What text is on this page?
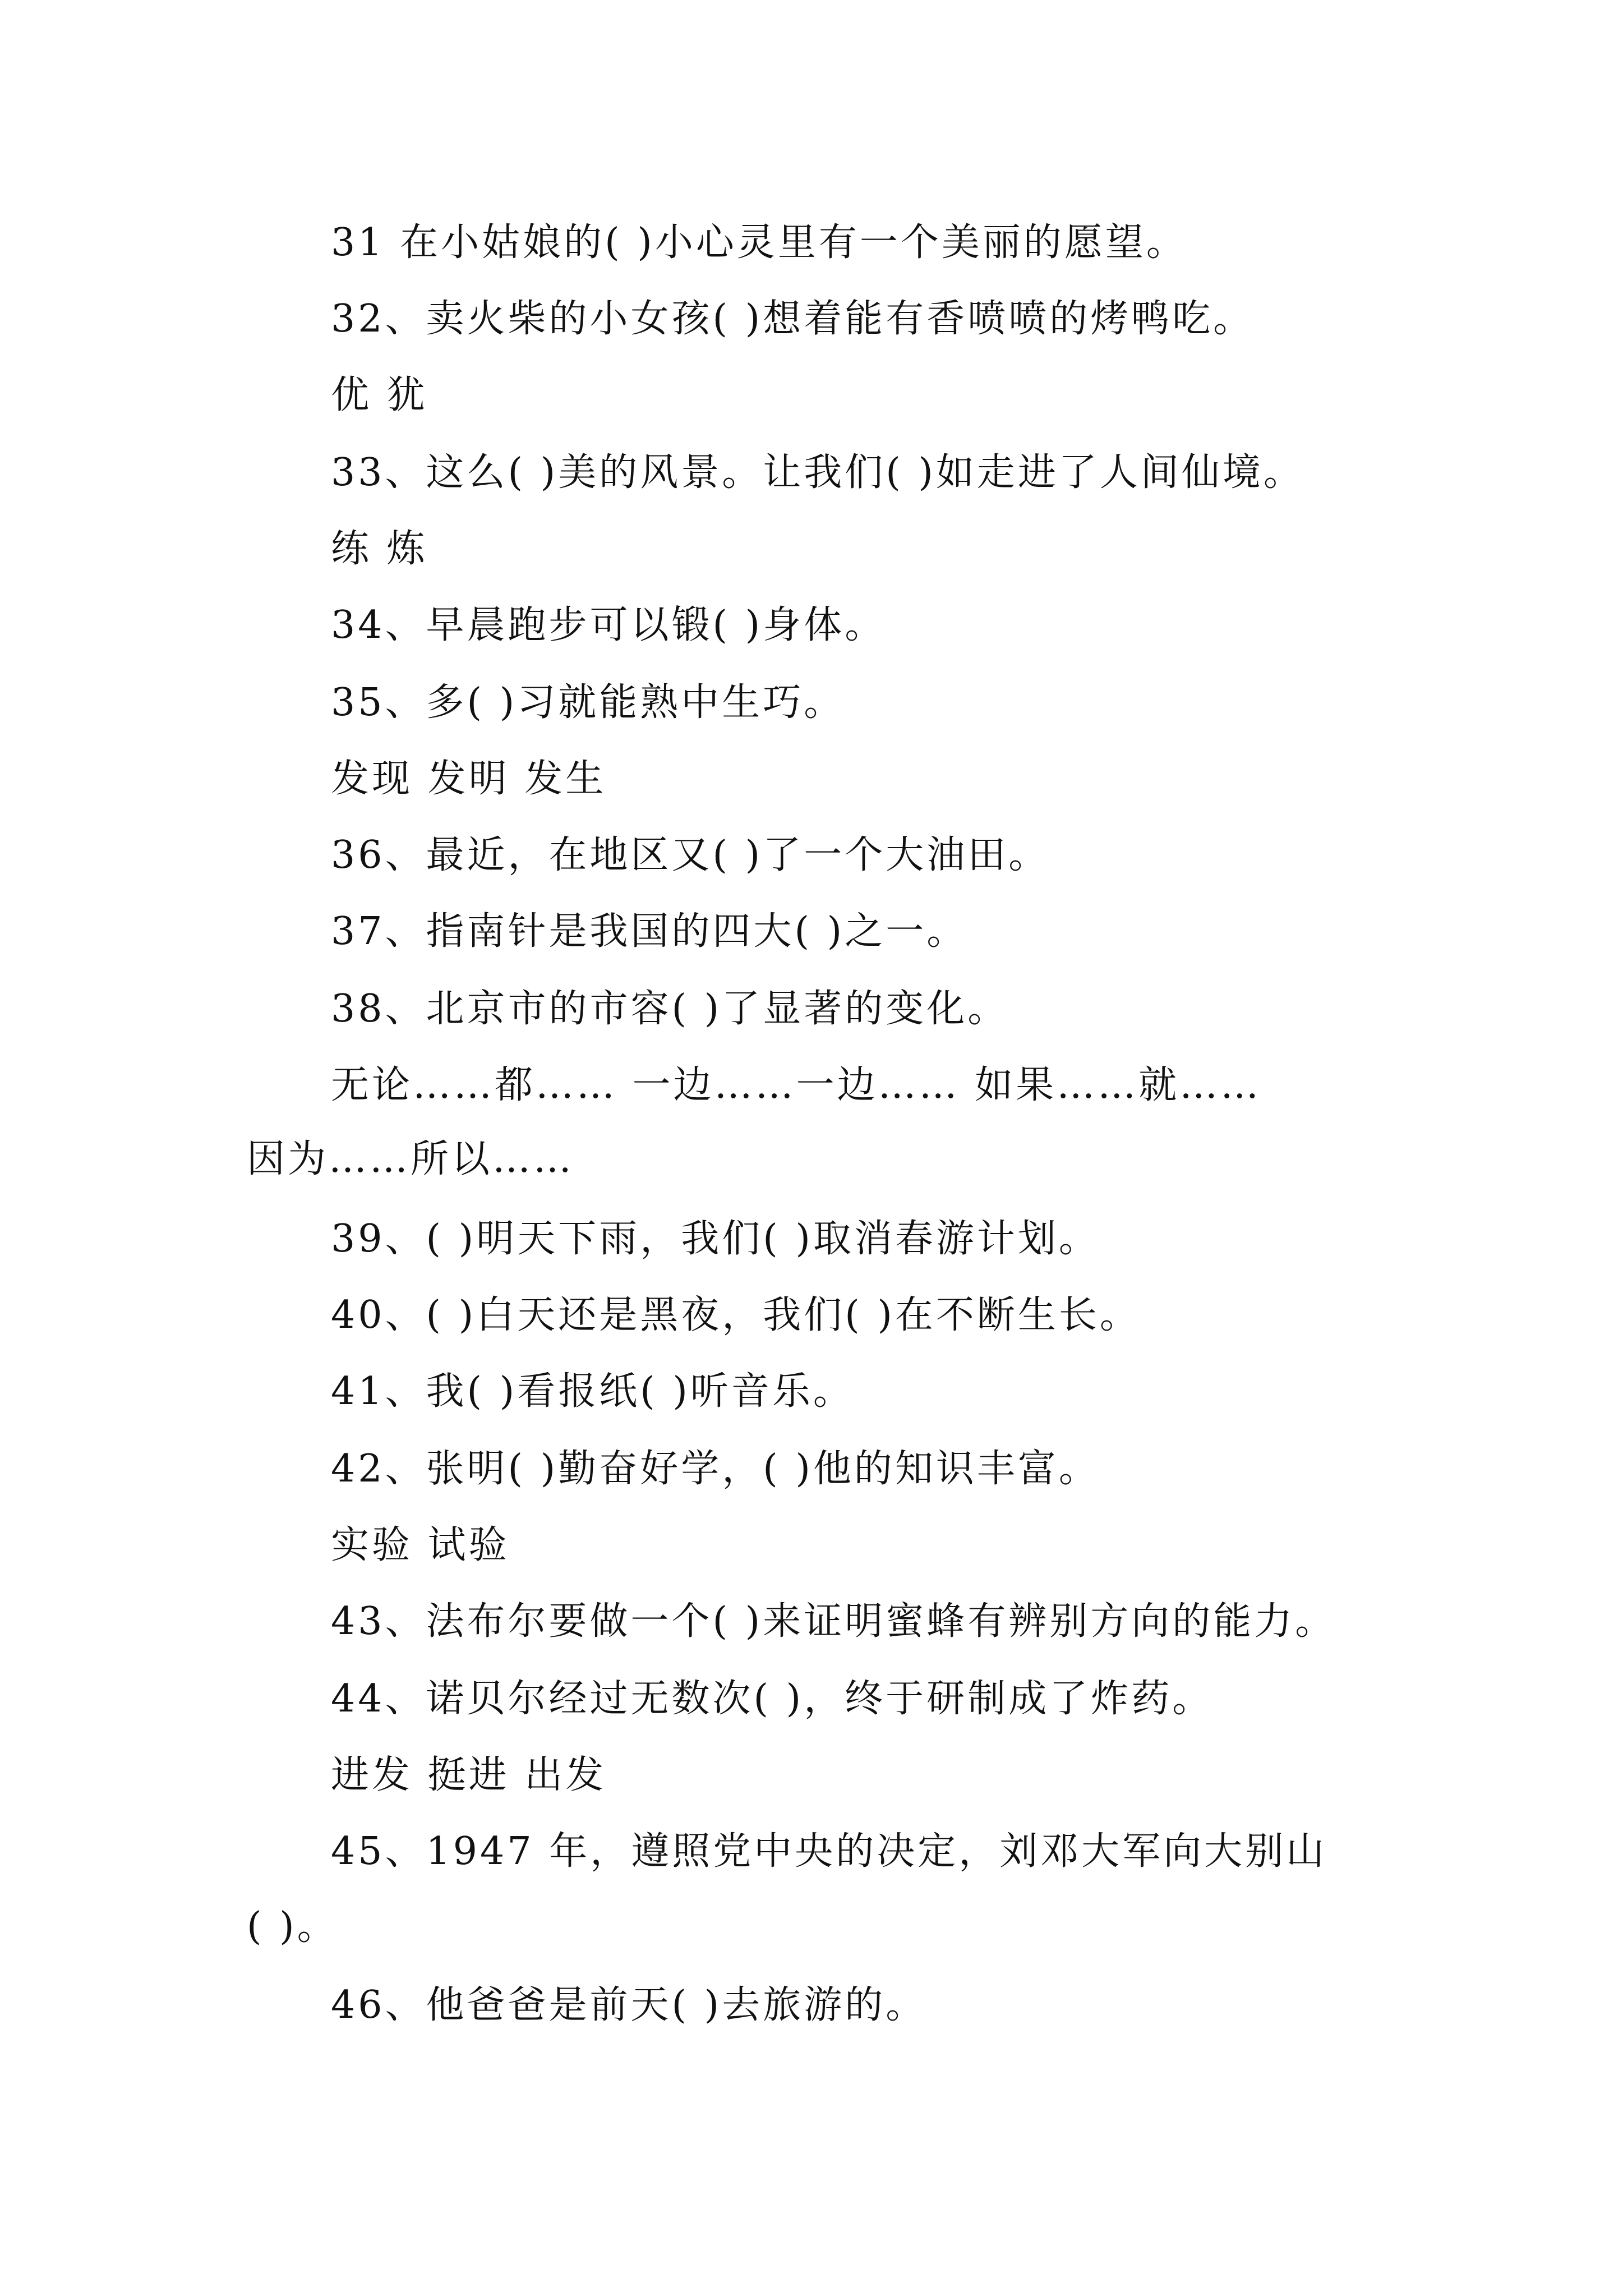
31 在小姑娘的( )小心灵里有一个美丽的愿望。
32、卖火柴的小女孩( )想着能有香喷喷的烤鸭吃。
优 犹
33、这么( )美的风景。让我们( )如走进了人间仙境。
练 炼
34、早晨跑步可以锻( )身体。
35、多( )习就能熟中生巧。
发现 发明 发生
36、最近，在地区又( )了一个大油田。
37、指南针是我国的四大( )之一。
38、北京市的市容( )了显著的变化。
无论……都…… 一边……一边…… 如果……就……
因为……所以……
39、( )明天下雨，我们( )取消春游计划。
40、( )白天还是黑夜，我们( )在不断生长。
41、我( )看报纸( )听音乐。
42、张明( )勤奋好学，( )他的知识丰富。
实验 试验
43、法布尔要做一个( )来证明蜜蜂有辨别方向的能力。
44、诺贝尔经过无数次( )，终于研制成了炸药。
进发 挺进 出发
45、1947 年，遵照党中央的决定，刘邓大军向大别山
( )。
46、他爸爸是前天( )去旅游的。
